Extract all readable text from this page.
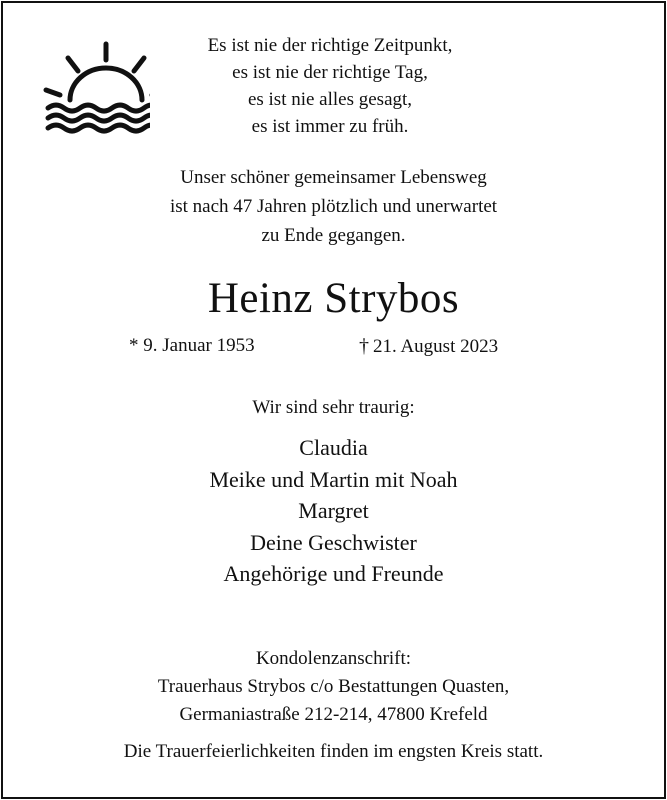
Es ist nie der richtige Zeitpunkt,
es ist nie der richtige Tag,
es ist nie alles gesagt,
es ist immer zu früh.
Unser schöner gemeinsamer Lebensweg
ist nach 47 Jahren plötzlich und unerwartet
zu Ende gegangen.
Heinz Strybos
* 9. Januar 1953	† 21. August 2023
Wir sind sehr traurig:
Claudia
Meike und Martin mit Noah
Margret
Deine Geschwister
Angehörige und Freunde
Kondolenzanschrift:
Trauerhaus Strybos c/o Bestattungen Quasten,
Germaniastraße 212-214, 47800 Krefeld
Die Trauerfeierlichkeiten finden im engsten Kreis statt.
